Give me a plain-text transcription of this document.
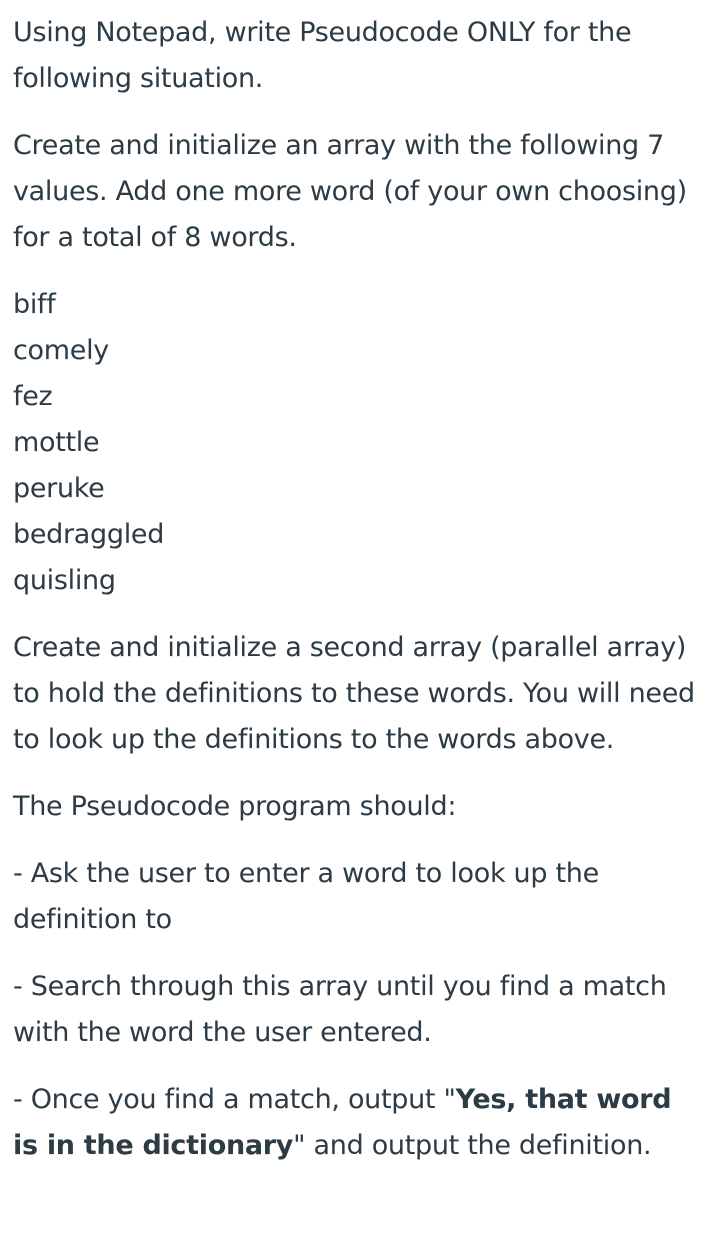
Using Notepad, write Pseudocode ONLY for the following situation.

Create and initialize an array with the following 7 values. Add one more word (of your own choosing) for a total of 8 words.

biff
comely
fez
mottle
peruke
bedraggled
quisling

Create and initialize a second array (parallel array) to hold the definitions to these words. You will need to look up the definitions to the words above.

The Pseudocode program should:

- Ask the user to enter a word to look up the definition to

- Search through this array until you find a match with the word the user entered.

- Once you find a match, output "Yes, that word is in the dictionary" and output the definition.
